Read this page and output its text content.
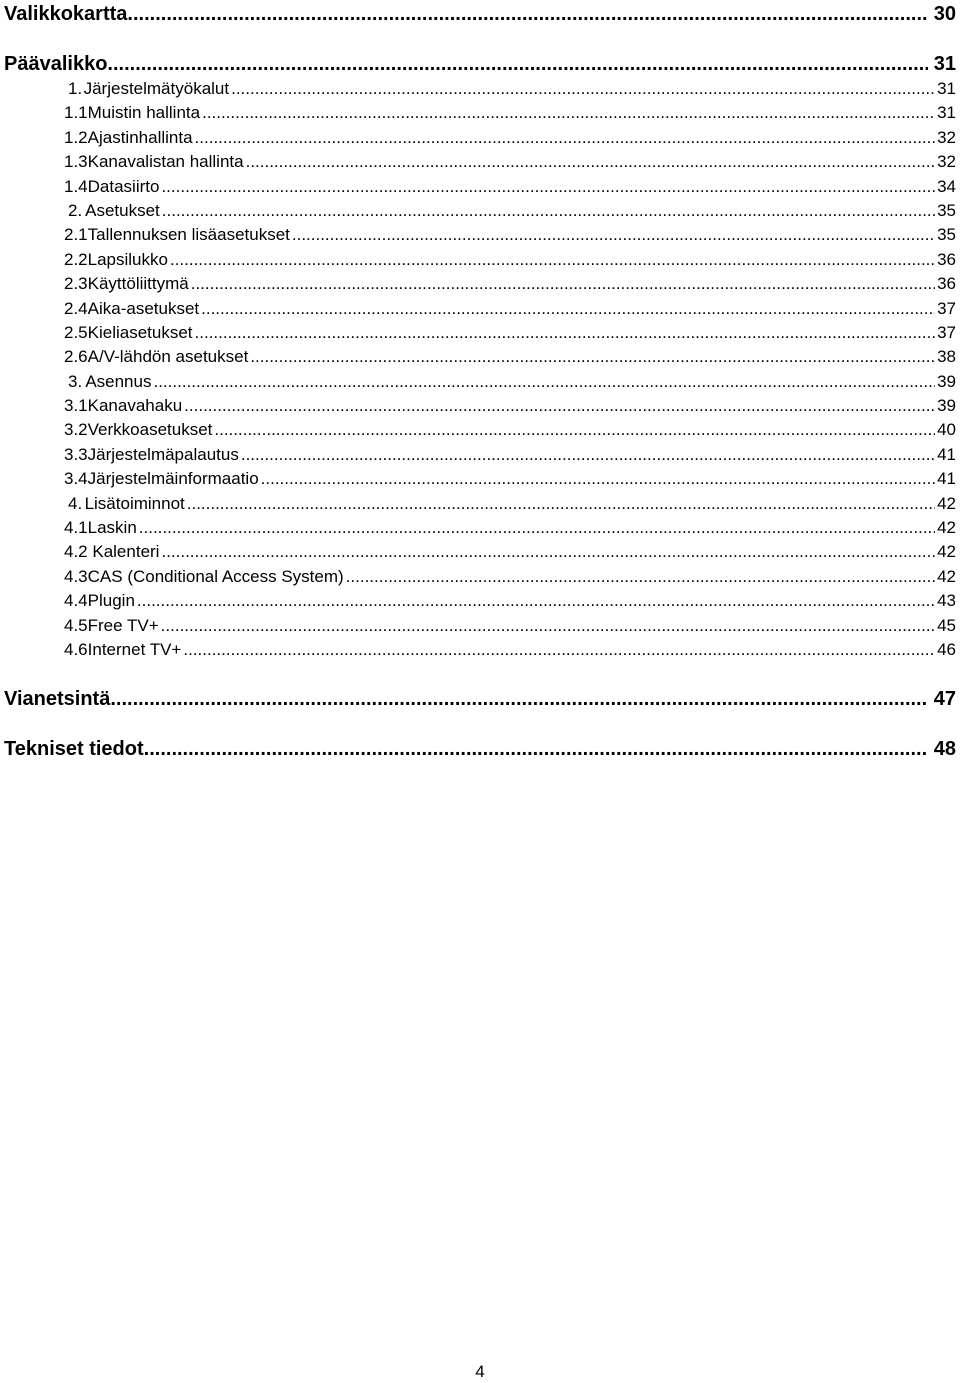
Valikkokartta .....	30
Päävalikko .....	31
1. Järjestelmätyökalut .....	31
1.1 Muistin hallinta .....	31
1.2 Ajastinhallinta .....	32
1.3 Kanavalistan hallinta .....	32
1.4 Datasiirto .....	34
2. Asetukset .....	35
2.1 Tallennuksen lisäasetukset .....	35
2.2 Lapsilukko .....	36
2.3 Käyttöliittymä .....	36
2.4 Aika-asetukset .....	37
2.5 Kieliasetukset .....	37
2.6 A/V-lähdön asetukset .....	38
3. Asennus .....	39
3.1 Kanavahaku .....	39
3.2 Verkkoasetukset .....	40
3.3 Järjestelmäpalautus .....	41
3.4 Järjestelmäinformaatio .....	41
4. Lisätoiminnot .....	42
4.1 Laskin .....	42
4.2 Kalenteri .....	42
4.3 CAS (Conditional Access System) .....	42
4.4 Plugin .....	43
4.5 Free TV+ .....	45
4.6 Internet TV+ .....	46
Vianetsintä .....	47
Tekniset tiedot .....	48
4
